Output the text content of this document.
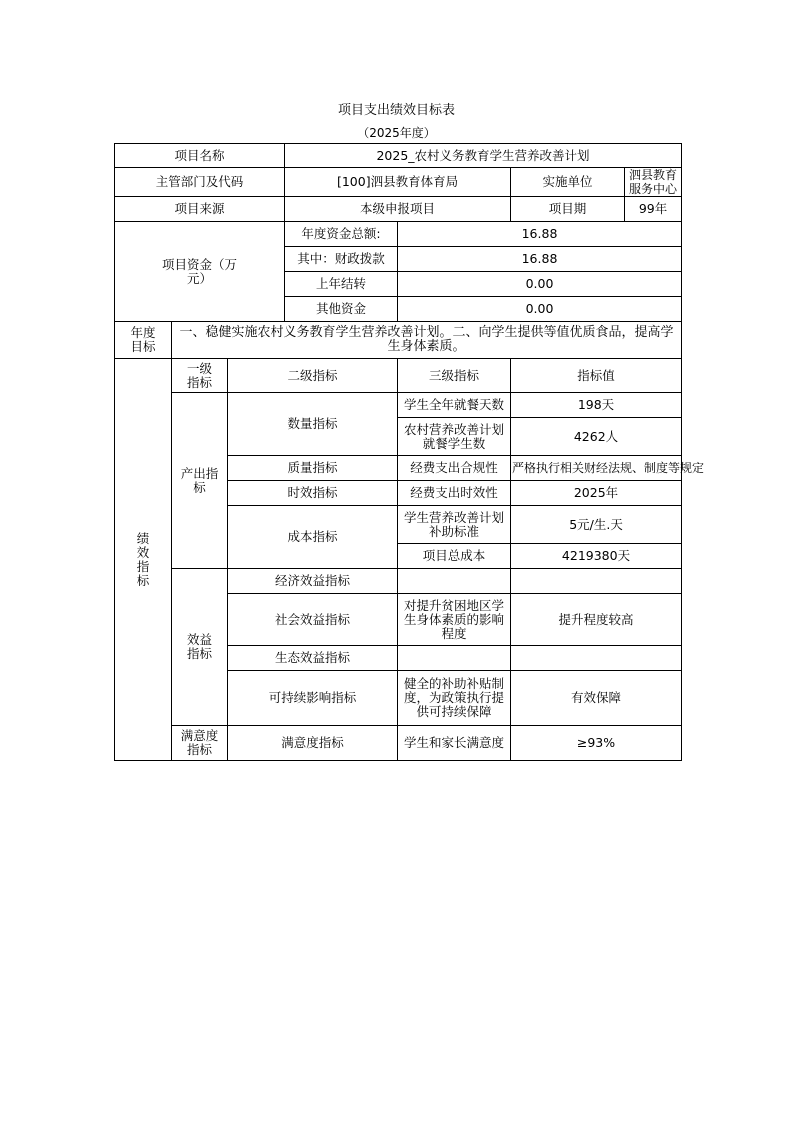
项目支出绩效目标表
（2025年度）
项目名称			2025_农村义务教育学生营养改善计划			
主管部门及代码			[100]泗县教育体育局		实施单位	泗县教育服务中心
项目来源			本级申报项目		项目期	99年
项目资金（万元）			年度资金总额:	16.88		
			其中：财政拨款	16.88		
			上年结转	0.00		
			其他资金	0.00		
年度目标	一、稳健实施农村义务教育学生营养改善计划。二、向学生提供等值优质食品，提高学生身体素质。					
绩效指标	一级指标	二级指标		三级指标	指标值	
	产出指标	数量指标		学生全年就餐天数	198天	
				农村营养改善计划就餐学生数	4262人	
		质量指标		经费支出合规性	严格执行相关财经法规、制度等规定	
		时效指标		经费支出时效性	2025年	
		成本指标		学生营养改善计划补助标准	5元/生.天	
				项目总成本	4219380天	
	效益指标	经济效益指标				
		社会效益指标		对提升贫困地区学生身体素质的影响程度	提升程度较高	
		生态效益指标				
		可持续影响指标		健全的补助补贴制度，为政策执行提供可持续保障	有效保障	
	满意度指标	满意度指标		学生和家长满意度	≥93%	
